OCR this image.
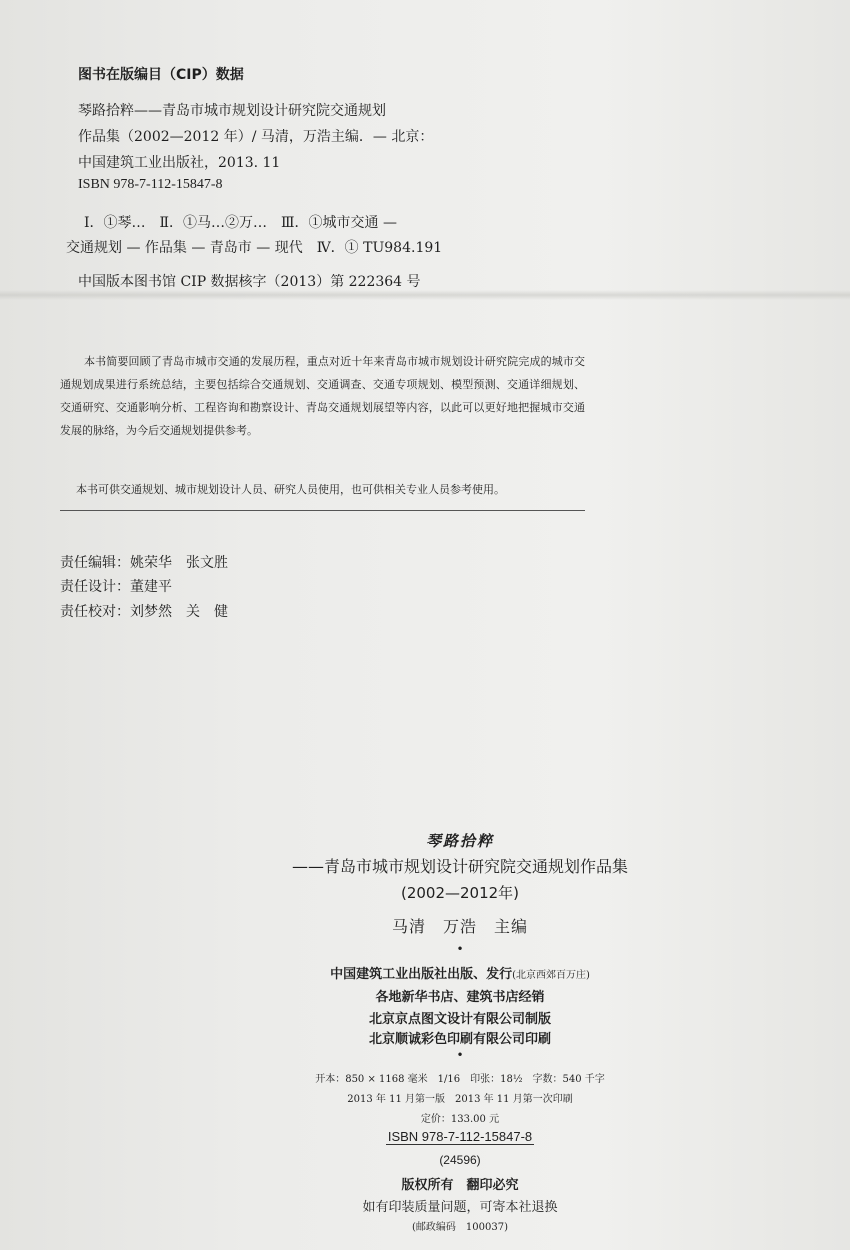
图书在版编目（CIP）数据
琴路拾粹——青岛市城市规划设计研究院交通规划
作品集（2002—2012 年）/ 马清，万浩主编．— 北京：
中国建筑工业出版社，2013. 11
ISBN 978-7-112-15847-8
Ⅰ．①琴…　Ⅱ．①马…②万…　Ⅲ．①城市交通 —
交通规划 — 作品集 — 青岛市 — 现代　Ⅳ．① TU984.191
中国版本图书馆 CIP 数据核字（2013）第 222364 号
本书简要回顾了青岛市城市交通的发展历程，重点对近十年来青岛市城市规划设计研究院完成的城市交通规划成果进行系统总结，主要包括综合交通规划、交通调查、交通专项规划、模型预测、交通详细规划、交通研究、交通影响分析、工程咨询和勘察设计、青岛交通规划展望等内容，以此可以更好地把握城市交通发展的脉络，为今后交通规划提供参考。
本书可供交通规划、城市规划设计人员、研究人员使用，也可供相关专业人员参考使用。
责任编辑：姚荣华　张文胜
责任设计：董建平
责任校对：刘梦然　关　健
琴路拾粹
——青岛市城市规划设计研究院交通规划作品集
(2002—2012年)
马清　万浩　主编
•
中国建筑工业出版社出版、发行(北京西郊百万庄)
各地新华书店、建筑书店经销
北京京点图文设计有限公司制版
北京顺诚彩色印刷有限公司印刷
•
开本：850 × 1168 毫米　1/16　印张：18½　字数：540 千字
2013 年 11 月第一版　2013 年 11 月第一次印刷
定价：133.00 元
ISBN 978-7-112-15847-8
(24596)
版权所有　翻印必究
如有印装质量问题，可寄本社退换
(邮政编码　100037)
